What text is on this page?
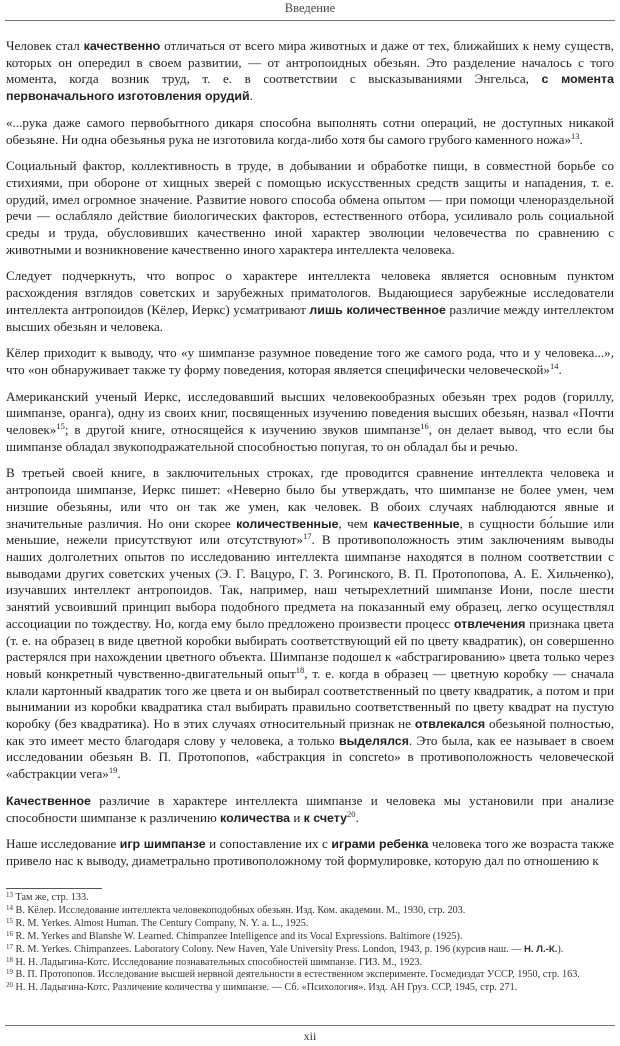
Введение

Человек стал качественно отличаться от всего мира животных и даже от тех, ближайших к нему существ, которых он опередил в своем развитии, — от антропоидных обезьян. Это разделение началось с того момента, когда возник труд, т. е. в соответствии с высказываниями Энгельса, с момента первоначального изготовления орудий.

«...рука даже самого первобытного дикаря способна выполнять сотни операций, не доступных никакой обезьяне. Ни одна обезьянья рука не изготовила когда-либо хотя бы самого грубого каменного ножа»$^{13}$.

Социальный фактор, коллективность в труде, в добывании и обработке пищи, в совместной борьбе со стихиями, при обороне от хищных зверей с помощью искусственных средств защиты и нападения, т. е. орудий, имел огромное значение. Развитие нового способа обмена опытом — при помощи членораздельной речи — ослабляло действие биологических факторов, естественного отбора, усиливало роль социальной среды и труда, обусловивших качественно иной характер эволюции человечества по сравнению с животными и возникновение качественно иного характера интеллекта человека.

Следует подчеркнуть, что вопрос о характере интеллекта человека является основным пунктом расхождения взглядов советских и зарубежных приматологов. Выдающиеся зарубежные исследователи интеллекта антропоидов (Кёлер, Иеркс) усматривают лишь количественное различие между интеллектом высших обезьян и человека.

Кёлер приходит к выводу, что «у шимпанзе разумное поведение того же самого рода, что и у человека...», что «он обнаруживает также ту форму поведения, которая является специфически человеческой»$^{14}$.

Американский ученый Иеркс, исследовавший высших человекообразных обезьян трех родов (гориллу, шимпанзе, оранга), одну из своих книг, посвященных изучению поведения высших обезьян, назвал «Почти человек»$^{15}$; в другой книге, относящейся к изучению звуков шимпанзе$^{16}$, он делает вывод, что если бы шимпанзе обладал звукоподражательной способностью попугая, то он обладал бы и речью.

В третьей своей книге, в заключительных строках, где проводится сравнение интеллекта человека и антропоида шимпанзе, Иеркс пишет: «Неверно было бы утверждать, что шимпанзе не более умен, чем низшие обезьяны, или что он так же умен, как человек. В обоих случаях наблюдаются явные и значительные различия. Но они скорее количественные, чем качественные, в сущности бо́льшие или меньшие, нежели присутствуют или отсутствуют»$^{17}$. В противоположность этим заключениям выводы наших долголетних опытов по исследованию интеллекта шимпанзе находятся в полном соответствии с выводами других советских ученых (Э. Г. Вацуро, Г. З. Рогинского, В. П. Протопопова, А. Е. Хильченко), изучавших интеллект антропоидов. Так, например, наш четырехлетний шимпанзе Иони, после шести занятий усвоивший принцип выбора подобного предмета на показанный ему образец, легко осуществлял ассоциации по тождеству. Но, когда ему было предложено произвести процесс отвлечения признака цвета (т. е. на образец в виде цветной коробки выбирать соответствующий ей по цвету квадратик), он совершенно растерялся при нахождении цветного объекта. Шимпанзе подошел к «абстрагированию» цвета только через новый конкретный чувственно-двигательный опыт$^{18}$, т. е. когда в образец — цветную коробку — сначала клали картонный квадратик того же цвета и он выбирал соответственный по цвету квадратик, а потом и при вынимании из коробки квадратика стал выбирать правильно соответственный по цвету квадрат на пустую коробку (без квадратика). Но в этих случаях относительный признак не отвлекался обезьяной полностью, как это имеет место благодаря слову у человека, а только выделялся. Это была, как ее называет в своем исследовании обезьян В. П. Протопопов, «абстракция in concreto» в противоположность человеческой «абстракции vera»$^{19}$.

Качественное различие в характере интеллекта шимпанзе и человека мы установили при анализе способности шимпанзе к различению количества и к счету$^{20}$.

Наше исследование игр шимпанзе и сопоставление их с играми ребенка человека того же возраста также привело нас к выводу, диаметрально противоположному той формулировке, которую дал по отношению к

$^{13}$ Там же, стр. 133.
$^{14}$ В. Кёлер. Исследование интеллекта человекоподобных обезьян. Изд. Ком. академии. М., 1930, стр. 203.
$^{15}$ R. M. Yerkes. Almost Human. The Century Company, N. Y. a. L., 1925.
$^{16}$ R. M. Yerkes and Blanshe W. Learned. Chimpanzee Intelligence and its Vocal Expressions. Baltimore (1925).
$^{17}$ R. M. Yerkes. Chimpanzees. Laboratory Colony. New Haven, Yale University Press. London, 1943, p. 196 (курсив наш. — Н. Л.-К.).
$^{18}$ Н. Н. Ладыгина-Котс. Исследование познавательных способностей шимпанзе. ГИЗ. М., 1923.
$^{19}$ В. П. Протопопов. Исследование высшей нервной деятельности в естественном эксперименте. Госмедиздат УССР, 1950, стр. 163.
$^{20}$ Н. Н. Ладыгина-Котс. Различение количества у шимпанзе. — Сб. «Психология». Изд. АН Груз. ССР, 1945, стр. 271.
xii
